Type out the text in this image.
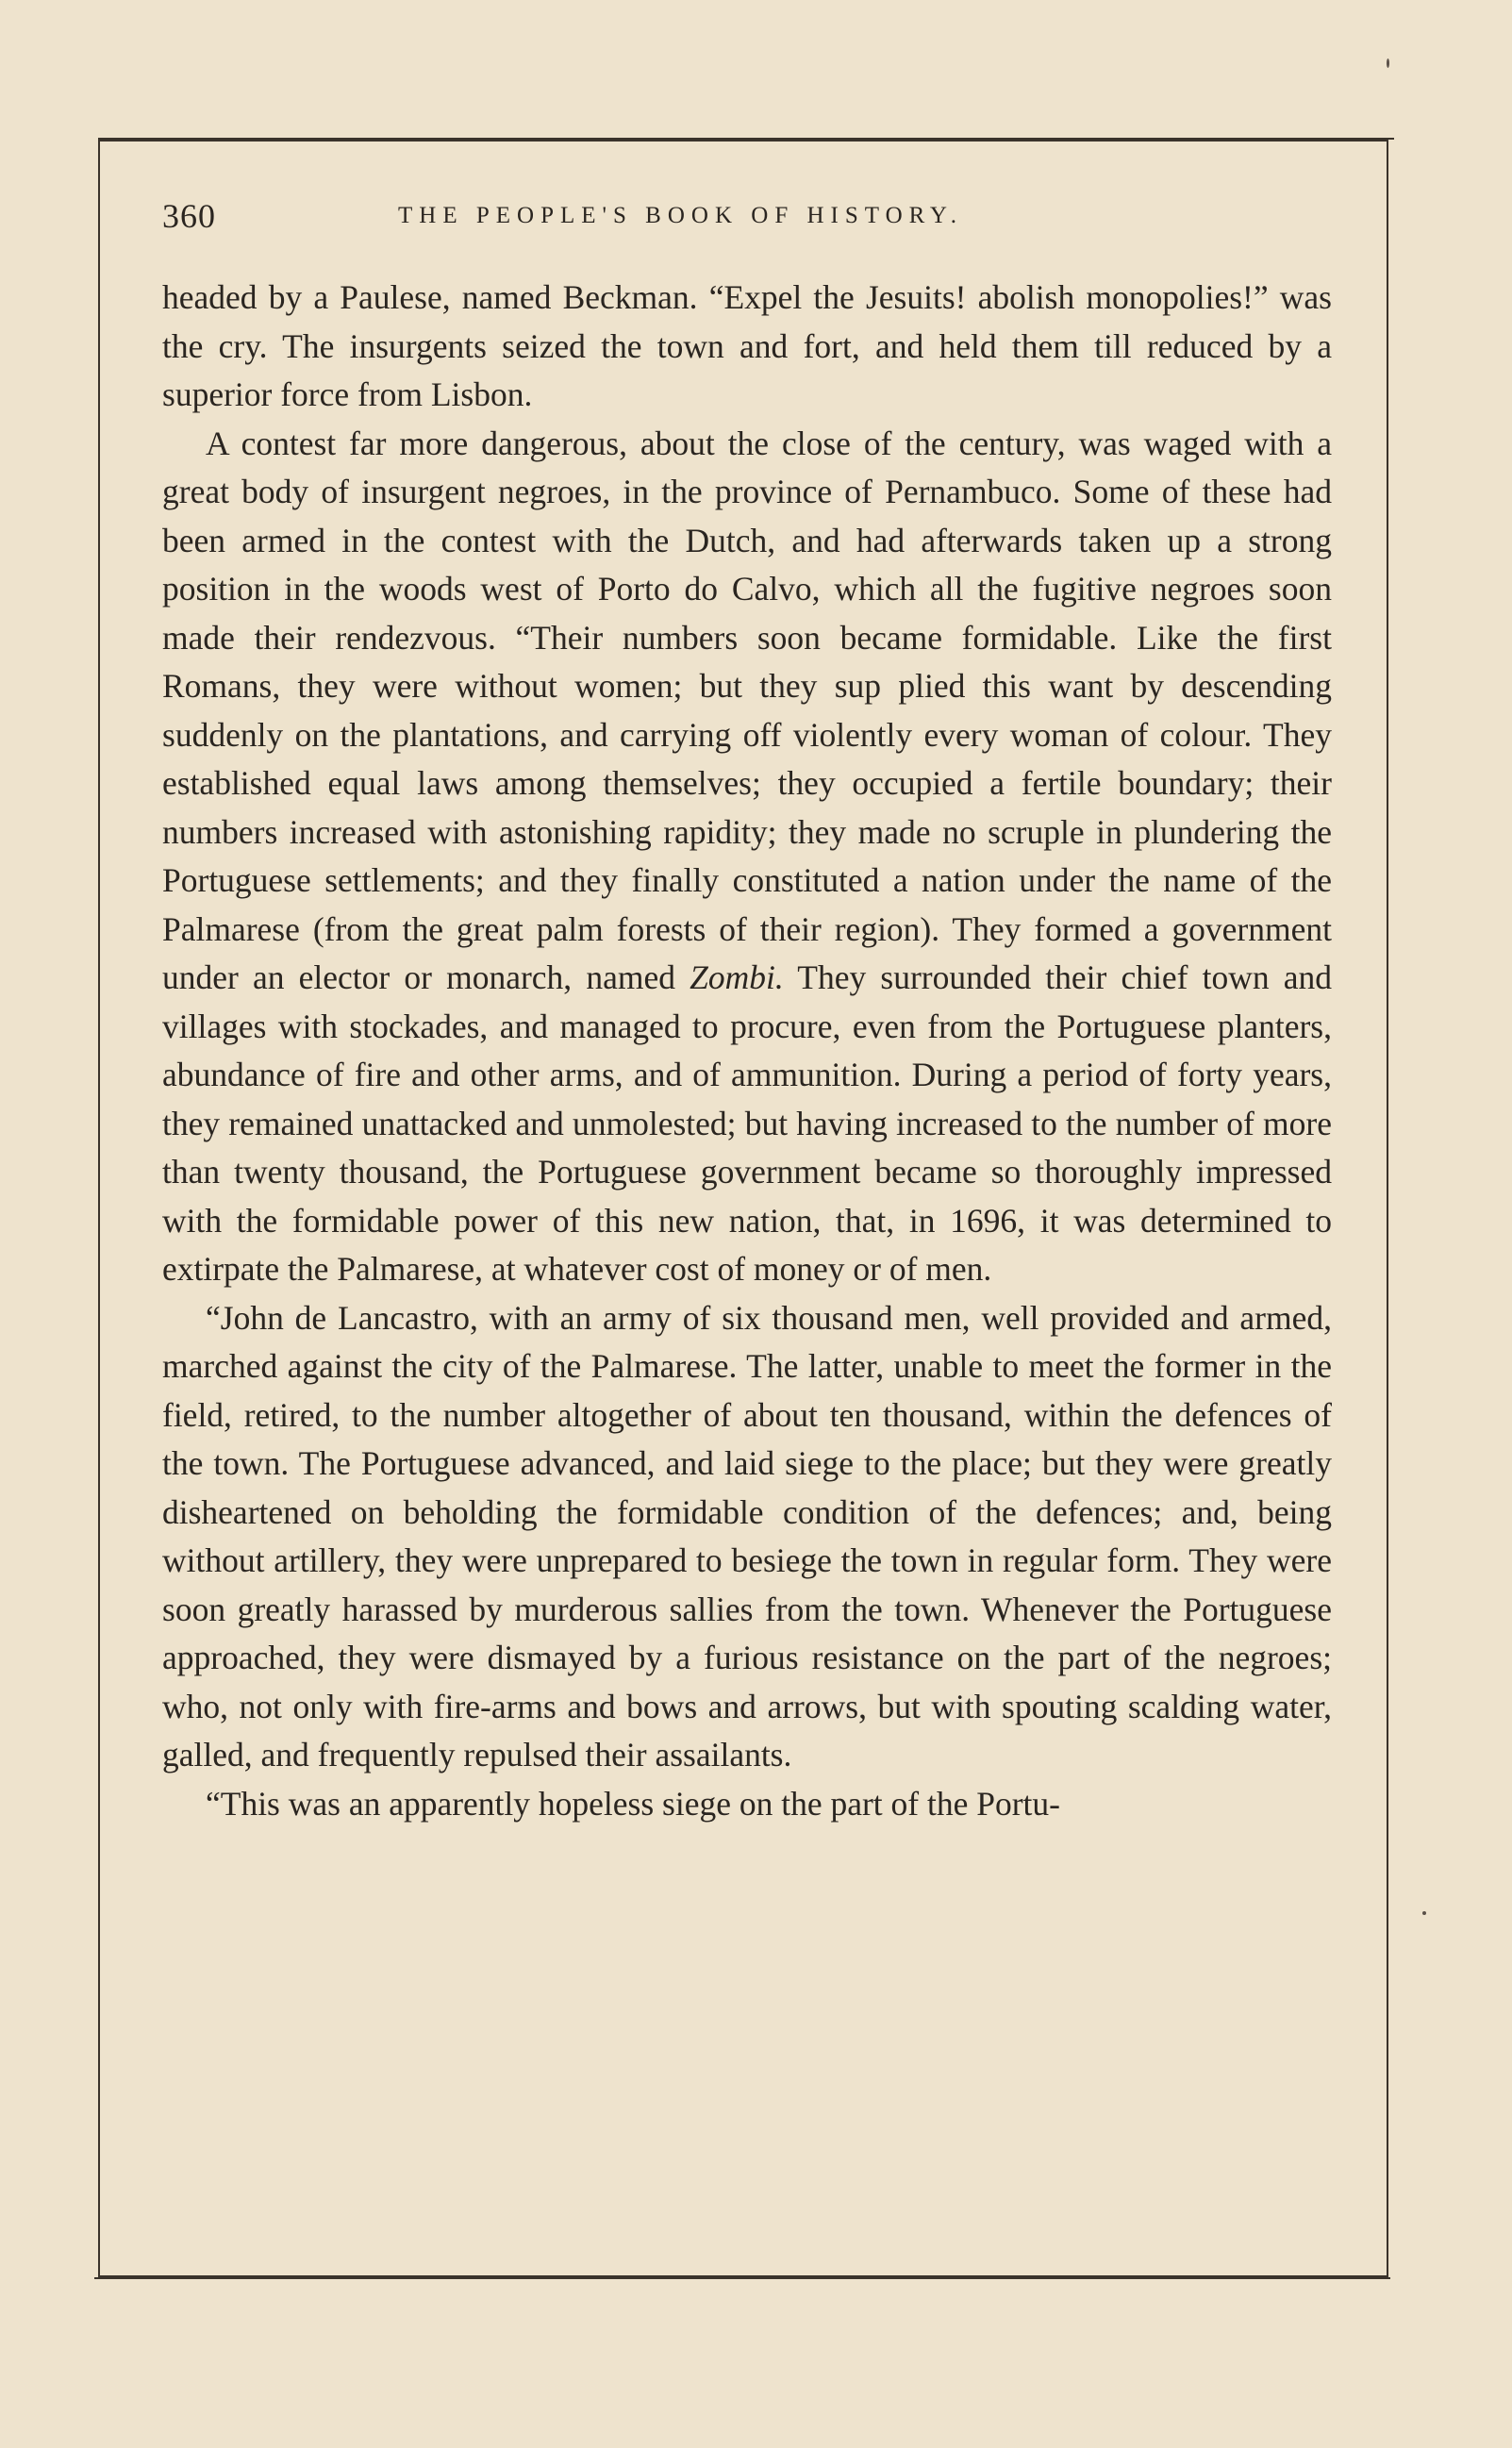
360	THE PEOPLE'S BOOK OF HISTORY.

headed by a Paulese, named Beckman. “Expel the Jesuits! abolish monopolies!” was the cry. The insurgents seized the town and fort, and held them till reduced by a superior force from Lisbon.

A contest far more dangerous, about the close of the century, was waged with a great body of insurgent negroes, in the province of Pernambuco. Some of these had been armed in the contest with the Dutch, and had afterwards taken up a strong position in the woods west of Porto do Calvo, which all the fugitive negroes soon made their rendezvous. “Their numbers soon became formidable. Like the first Romans, they were without women; but they sup plied this want by descending suddenly on the plantations, and carrying off violently every woman of colour. They established equal laws among themselves; they occupied a fertile boundary; their numbers increased with astonishing rapidity; they made no scruple in plundering the Portuguese settlements; and they finally constituted a nation under the name of the Palmarese (from the great palm forests of their region). They formed a government under an elector or monarch, named Zombi. They surrounded their chief town and villages with stockades, and managed to procure, even from the Portuguese planters, abundance of fire and other arms, and of ammunition. During a period of forty years, they remained unattacked and unmolested; but having increased to the number of more than twenty thousand, the Portuguese government became so thoroughly impressed with the formidable power of this new nation, that, in 1696, it was determined to extirpate the Palmarese, at whatever cost of money or of men.

“John de Lancastro, with an army of six thousand men, well provided and armed, marched against the city of the Palmarese. The latter, unable to meet the former in the field, retired, to the number altogether of about ten thousand, within the defences of the town. The Portuguese advanced, and laid siege to the place; but they were greatly disheartened on beholding the formidable condition of the defences; and, being without artillery, they were unprepared to besiege the town in regular form. They were soon greatly harassed by murderous sallies from the town. Whenever the Portuguese approached, they were dismayed by a furious resistance on the part of the negroes; who, not only with fire-arms and bows and arrows, but with spouting scalding water, galled, and frequently repulsed their assailants.

“This was an apparently hopeless siege on the part of the Portu-
